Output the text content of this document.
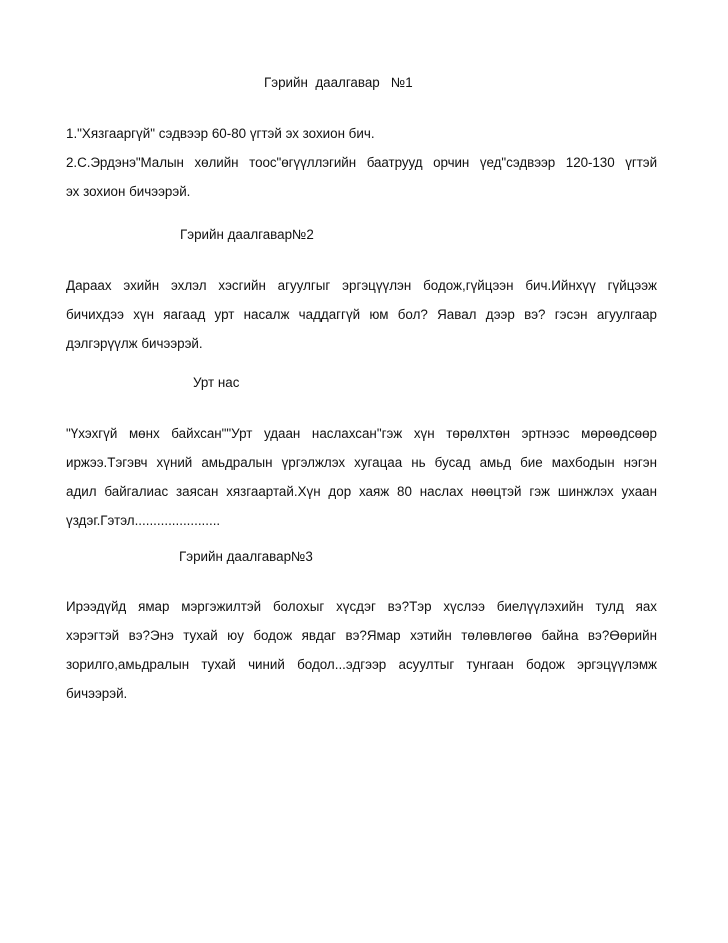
Гэрийн  даалгавар   №1
1."Хязгааргүй" сэдвээр 60-80 үгтэй эх зохион бич.
2.С.Эрдэнэ"Малын хөлийн тоос"өгүүллэгийн баатрууд орчин үед"сэдвээр 120-130 үгтэй
эх зохион бичээрэй.
Гэрийн даалгавар№2
Дараах эхийн эхлэл хэсгийн агуулгыг эргэцүүлэн бодож,гүйцээн бич.Ийнхүү гүйцээж
бичихдээ хүн яагаад урт насалж чаддаггүй юм бол? Яавал дээр вэ? гэсэн агуулгаар
дэлгэрүүлж бичээрэй.
Урт нас
"Үхэхгүй мөнх байхсан""Урт удаан наслахсан"гэж хүн төрөлхтөн эртнээс мөрөөдсөөр
иржээ.Тэгэвч хүний амьдралын үргэлжлэх хугацаа нь бусад амьд бие махбодын нэгэн
адил байгалиас заясан хязгаартай.Хүн дор хаяж 80 наслах нөөцтэй гэж шинжлэх ухаан
үздэг.Гэтэл.......................
Гэрийн даалгавар№3
Ирээдүйд ямар мэргэжилтэй болохыг хүсдэг вэ?Тэр хүслээ биелүүлэхийн тулд яах
хэрэгтэй вэ?Энэ тухай юу бодож явдаг вэ?Ямар хэтийн төлөвлөгөө байна вэ?Өөрийн
зорилго,амьдралын тухай чиний бодол...эдгээр асуултыг тунгаан бодож эргэцүүлэмж
бичээрэй.
